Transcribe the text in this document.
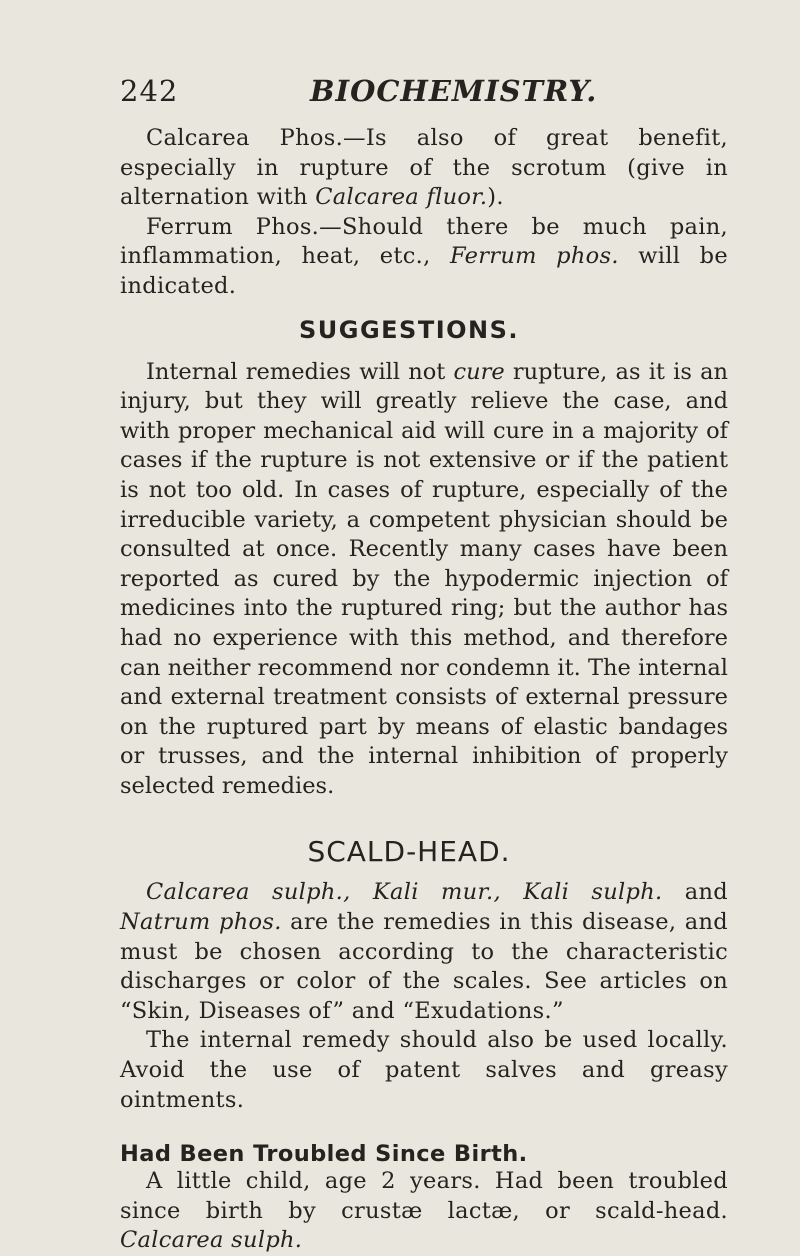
242	BIOCHEMISTRY.

Calcarea Phos.—Is also of great benefit, especially in rupture of the scrotum (give in alternation with Calcarea fluor.).

Ferrum Phos.—Should there be much pain, inflammation, heat, etc., Ferrum phos. will be indicated.

SUGGESTIONS.

Internal remedies will not cure rupture, as it is an injury, but they will greatly relieve the case, and with proper mechanical aid will cure in a majority of cases if the rupture is not extensive or if the patient is not too old. In cases of rupture, especially of the irreducible variety, a competent physician should be consulted at once. Recently many cases have been reported as cured by the hypodermic injection of medicines into the ruptured ring; but the author has had no experience with this method, and therefore can neither recommend nor condemn it. The internal and external treatment consists of external pressure on the ruptured part by means of elastic bandages or trusses, and the internal inhibition of properly selected remedies.

SCALD-HEAD.

Calcarea sulph., Kali mur., Kali sulph. and Natrum phos. are the remedies in this disease, and must be chosen according to the characteristic discharges or color of the scales. See articles on “Skin, Diseases of” and “Exudations.”

The internal remedy should also be used locally. Avoid the use of patent salves and greasy ointments.

Had Been Troubled Since Birth.

A little child, age 2 years. Had been troubled since birth by crustæ lactæ, or scald-head. Calcarea sulph.
